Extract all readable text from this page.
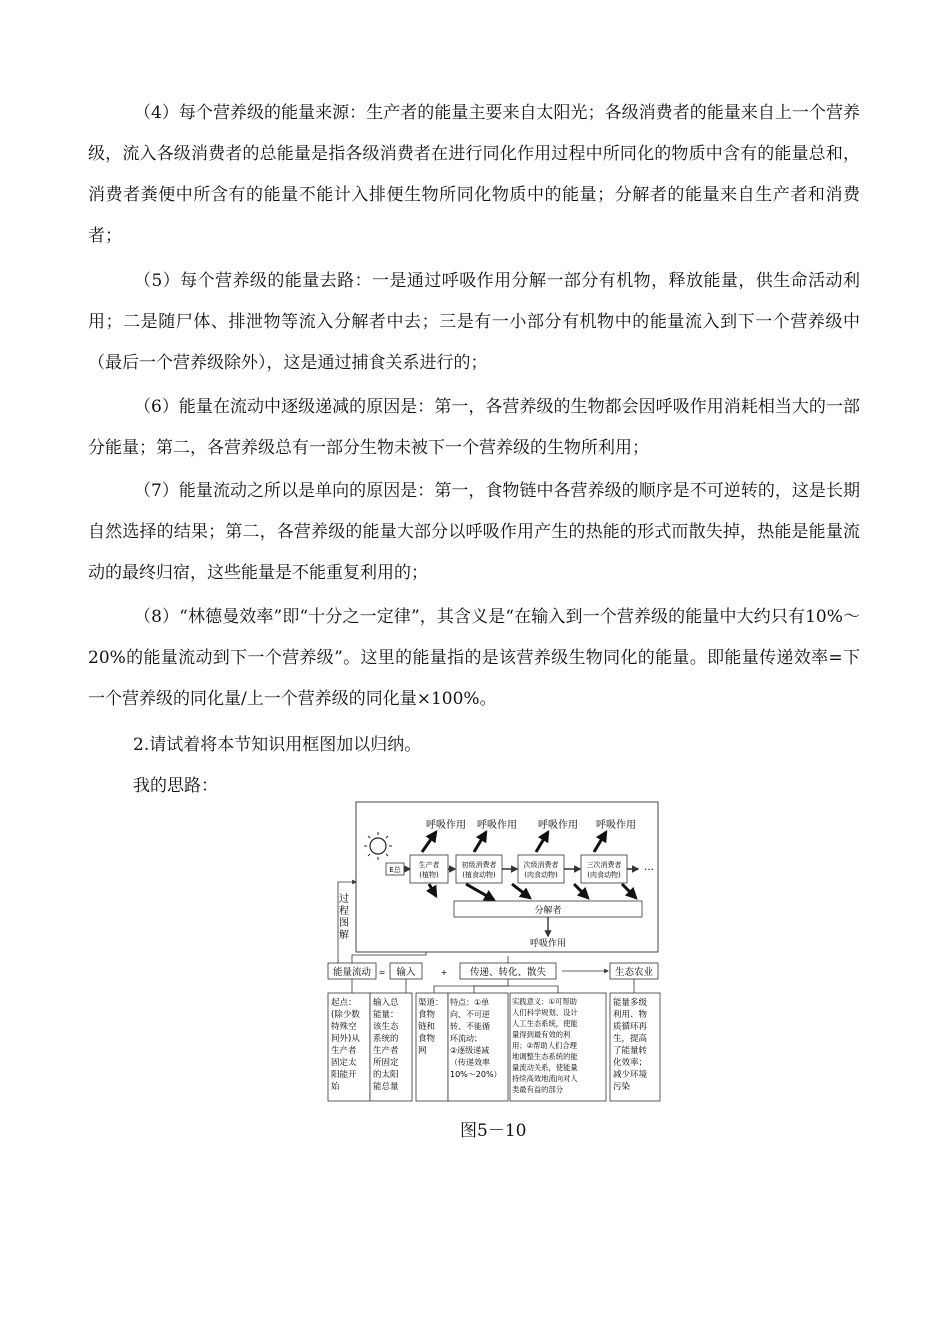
（4）每个营养级的能量来源：生产者的能量主要来自太阳光；各级消费者的能量来自上一个营养级，流入各级消费者的总能量是指各级消费者在进行同化作用过程中所同化的物质中含有的能量总和，消费者粪便中所含有的能量不能计入排便生物所同化物质中的能量；分解者的能量来自生产者和消费者；

（5）每个营养级的能量去路：一是通过呼吸作用分解一部分有机物，释放能量，供生命活动利用；二是随尸体、排泄物等流入分解者中去；三是有一小部分有机物中的能量流入到下一个营养级中（最后一个营养级除外），这是通过捕食关系进行的；

（6）能量在流动中逐级递减的原因是：第一，各营养级的生物都会因呼吸作用消耗相当大的一部分能量；第二，各营养级总有一部分生物未被下一个营养级的生物所利用；

（7）能量流动之所以是单向的原因是：第一，食物链中各营养级的顺序是不可逆转的，这是长期自然选择的结果；第二，各营养级的能量大部分以呼吸作用产生的热能的形式而散失掉，热能是能量流动的最终归宿，这些能量是不能重复利用的；

（8）“林德曼效率”即“十分之一定律”，其含义是“在输入到一个营养级的能量中大约只有10%～20%的能量流动到下一个营养级”。这里的能量指的是该营养级生物同化的能量。即能量传递效率=下一个营养级的同化量/上一个营养级的同化量×100%。

2.请试着将本节知识用框图加以归纳。
我的思路：
E总
呼吸作用 呼吸作用 呼吸作用 呼吸作用
生产者
(植物)
初级消费者
(植食动物)
次级消费者
(肉食动物)
三次消费者
(肉食动物)
…
分解者
呼吸作用
过
程
图
解
能量流动 = 输入	+ 传递、转化、散失	生态农业
起点： (除少数 特殊空 间外)从 生产者 固定太 阳能开 始
输入总 能量： 该生态 系统的 生产者 所固定 的太阳 能总量
渠道： 食物 链和 食物 网
特点：①单 向、不可逆 转、不能循 环流动； ②逐级递减 （传递效率 10%～20%）
实践意义：①可帮助 人们科学规划、设计 人工生态系统，使能 量得到最有效的利 用；②帮助人们合理 地调整生态系统的能 量流动关系，使能量 持续高效地流向对人 类最有益的部分
能量多级 利用、物 质循环再 生，提高 了能量转 化效率； 减少环境 污染
图5－10
